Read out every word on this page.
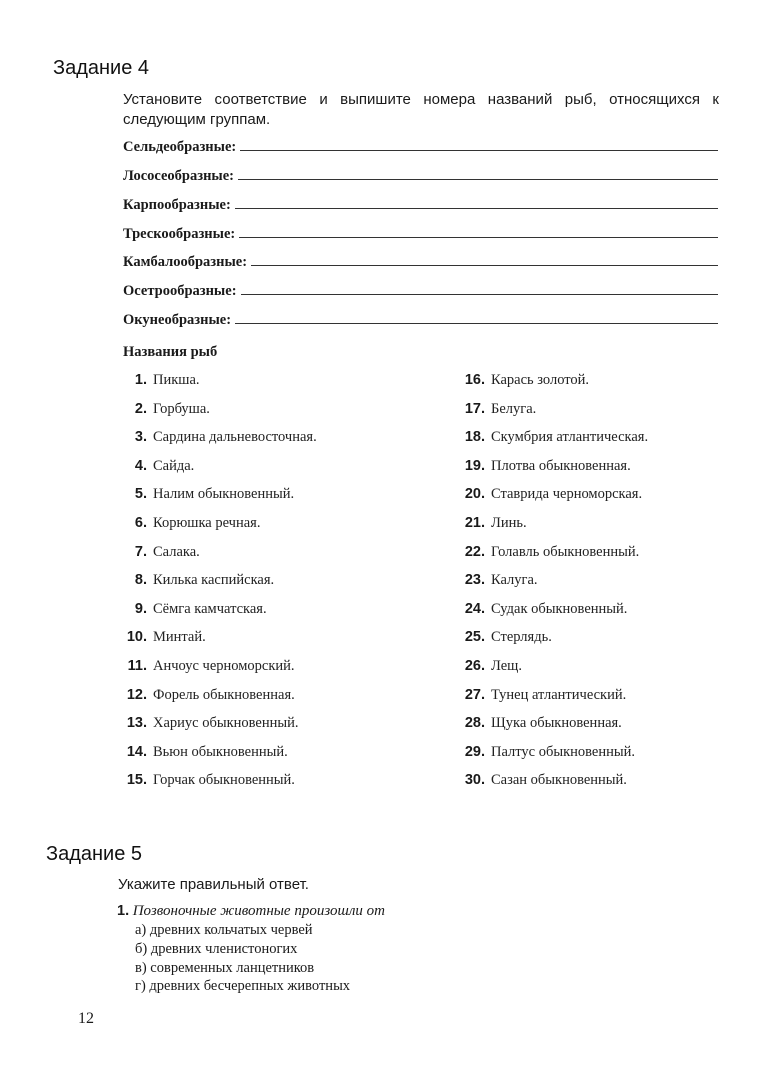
Задание 4
Установите соответствие и выпишите номера названий рыб, относящихся к следующим группам.
Сельдеобразные:
Лососеобразные:
Карпообразные:
Трескообразные:
Камбалообразные:
Осетрообразные:
Окунеобразные:
Названия рыб
1. Пикша.
2. Горбуша.
3. Сардина дальневосточная.
4. Сайда.
5. Налим обыкновенный.
6. Корюшка речная.
7. Салака.
8. Килька каспийская.
9. Сёмга камчатская.
10. Минтай.
11. Анчоус черноморский.
12. Форель обыкновенная.
13. Хариус обыкновенный.
14. Вьюн обыкновенный.
15. Горчак обыкновенный.
16. Карась золотой.
17. Белуга.
18. Скумбрия атлантическая.
19. Плотва обыкновенная.
20. Ставрида черноморская.
21. Линь.
22. Голавль обыкновенный.
23. Калуга.
24. Судак обыкновенный.
25. Стерлядь.
26. Лещ.
27. Тунец атлантический.
28. Щука обыкновенная.
29. Палтус обыкновенный.
30. Сазан обыкновенный.
Задание 5
Укажите правильный ответ.
1. Позвоночные животные произошли от
а) древних кольчатых червей
б) древних членистоногих
в) современных ланцетников
г) древних бесчерепных животных
12
